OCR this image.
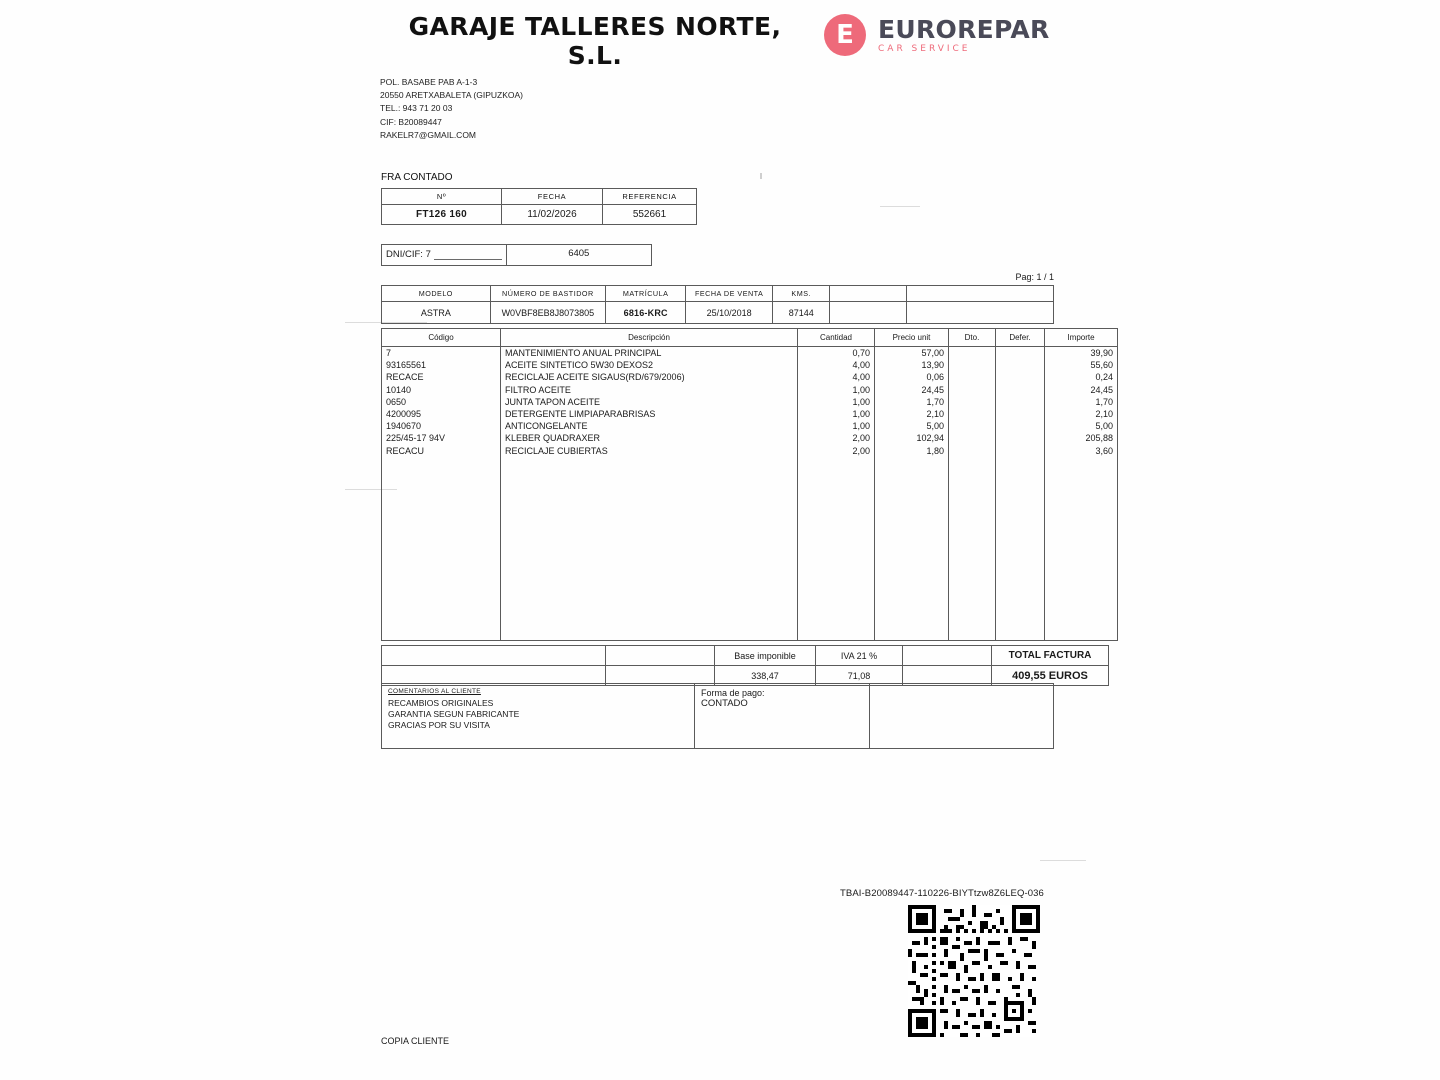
GARAJE TALLERES NORTE, S.L.
E EUROREPAR
CAR SERVICE
POL. BASABE PAB A-1-3
20550 ARETXABALETA (GIPUZKOA)
TEL.: 943 71 20 03
CIF: B20089447
RAKELR7@GMAIL.COM
FRA CONTADO
Nº	FECHA	REFERENCIA
FT126 160	11/02/2026	552661
DNI/CIF: 7	6405
Pag: 1 / 1
MODELO	NÚMERO DE BASTIDOR	MATRÍCULA	FECHA DE VENTA	KMS.		
ASTRA	W0VBF8EB8J8073805	6816-KRC	25/10/2018	87144		
Código	Descripción	Cantidad	Precio unit	Dto.	Defer.	Importe
7	MANTENIMIENTO ANUAL PRINCIPAL	0,70	57,00			39,90
93165561	ACEITE SINTETICO 5W30 DEXOS2	4,00	13,90			55,60
RECACE	RECICLAJE ACEITE SIGAUS(RD/679/2006)	4,00	0,06			0,24
10140	FILTRO ACEITE	1,00	24,45			24,45
0650	JUNTA TAPON ACEITE	1,00	1,70			1,70
4200095	DETERGENTE LIMPIAPARABRISAS	1,00	2,10			2,10
1940670	ANTICONGELANTE	1,00	5,00			5,00
225/45-17 94V	KLEBER QUADRAXER	2,00	102,94			205,88
RECACU	RECICLAJE CUBIERTAS	2,00	1,80			3,60

		Base imponible	IVA 21 %		TOTAL FACTURA
		338,47	71,08		409,55 EUROS
COMENTARIOS AL CLIENTE
RECAMBIOS ORIGINALES
GARANTIA SEGUN FABRICANTE
GRACIAS POR SU VISITA
Forma de pago:
CONTADO
TBAI-B20089447-110226-BIYTtzw8Z6LEQ-036
COPIA CLIENTE
